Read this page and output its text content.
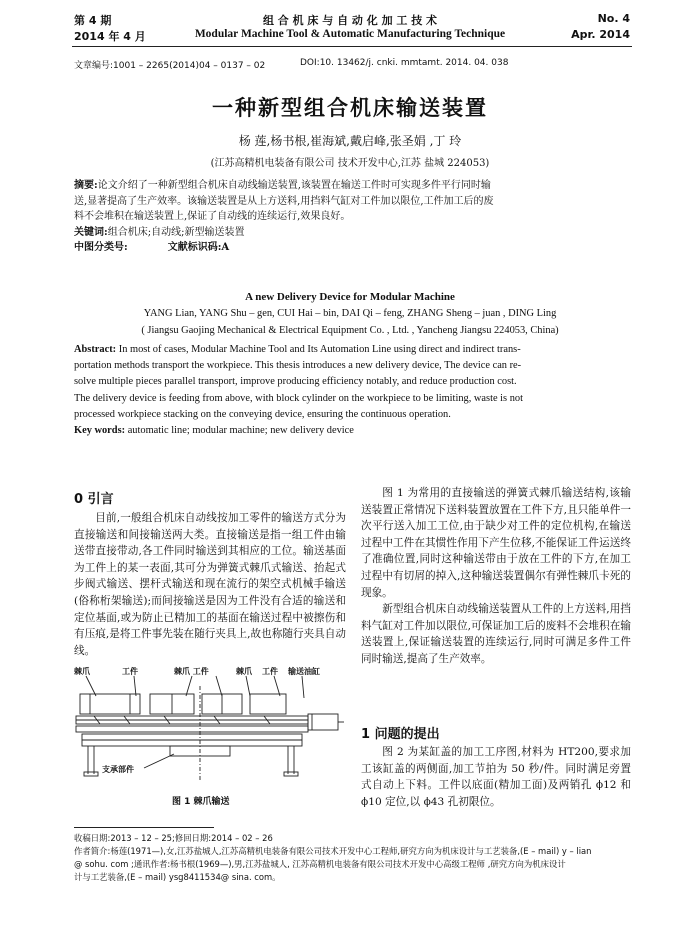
第 4 期
2014 年 4 月
组 合 机 床 与 自 动 化 加 工 技 术
Modular Machine Tool & Automatic Manufacturing Technique
No. 4
Apr. 2014
文章编号:1001 – 2265(2014)04 – 0137 – 02	DOI:10. 13462/j. cnki. mmtamt. 2014. 04. 038
一种新型组合机床输送装置
杨 莲,杨书根,崔海斌,戴启峰,张圣娟 ,丁 玲
(江苏高精机电装备有限公司 技术开发中心,江苏 盐城 224053)
摘要:论文介绍了一种新型组合机床自动线输送装置,该装置在输送工件时可实现多件平行同时输
送,显著提高了生产效率。该输送装置是从上方送料,用挡料气缸对工件加以限位,工件加工后的废
料不会堆积在输送装置上,保证了自动线的连续运行,效果良好。
关键词:组合机床;自动线;新型输送装置
中图分类号:	文献标识码:A
A new Delivery Device for Modular Machine
YANG Lian, YANG Shu – gen, CUI Hai – bin, DAI Qi – feng, ZHANG Sheng – juan , DING Ling
( Jiangsu Gaojing Mechanical & Electrical Equipment Co. , Ltd. , Yancheng Jiangsu 224053, China)
Abstract: In most of cases, Modular Machine Tool and Its Automation Line using direct and indirect trans-
portation methods transport the workpiece. This thesis introduces a new delivery device, The device can re-
solve multiple pieces parallel transport, improve producing efficiency notably, and reduce production cost.
The delivery device is feeding from above, with block cylinder on the workpiece to be limiting, waste is not
processed workpiece stacking on the conveying device, ensuring the continuous operation.
Key words: automatic line; modular machine; new delivery device
0 引言

目前,一般组合机床自动线按加工零件的输送方式分为直接输送和间接输送两大类。直接输送是指一组工件由输送带直接带动,各工件同时输送到其相应的工位。输送基面为工件上的某一表面,其可分为弹簧式棘爪式输送、抬起式步阀式输送、摆杆式输送和现在流行的架空式机械手输送(俗称桁架输送);而间接输送是因为工件没有合适的输送和定位基面,或为防止已精加工的基面在输送过程中被擦伤和有压痕,是将工件事先装在随行夹具上,故也称随行夹具自动线。

棘爪	工件	棘爪 工件	棘爪 工件 输送油缸
支承部件
图 1 棘爪输送

图 1 为常用的直接输送的弹簧式棘爪输送结构,该输送装置正常情况下送料装置放置在工件下方,且只能单件一次平行送入加工工位,由于缺少对工件的定位机构,在输送过程中工件在其惯性作用下产生位移,不能保证工件运送终了准确位置,同时这种输送带由于放在工件的下方,在加工过程中有切屑的掉入,这种输送装置偶尔有弹性棘爪卡死的现象。

新型组合机床自动线输送装置从工件的上方送料,用挡料气缸对工件加以限位,可保证加工后的废料不会堆积在输送装置上,保证输送装置的连续运行,同时可满足多件工件同时输送,提高了生产效率。

1 问题的提出

图 2 为某缸盖的加工工序图,材料为 HT200,要求加工该缸盖的两侧面,加工节拍为 50 秒/件。同时满足旁置式自动上下料。工件以底面(精加工面)及两销孔 ϕ12 和 ϕ10 定位,以 ϕ43 孔初限位。

收稿日期:2013 – 12 – 25;修回日期:2014 – 02 – 26
作者简介:杨莲(1971—),女,江苏盐城人,江苏高精机电装备有限公司技术开发中心工程师,研究方向为机床设计与工艺装备,(E – mail) y – lian
@ sohu. com ;通讯作者:杨书根(1969—),男,江苏盐城人, 江苏高精机电装备有限公司技术开发中心高级工程师 ,研究方向为机床设计
计与工艺装备,(E – mail) ysg8411534@ sina. com。
